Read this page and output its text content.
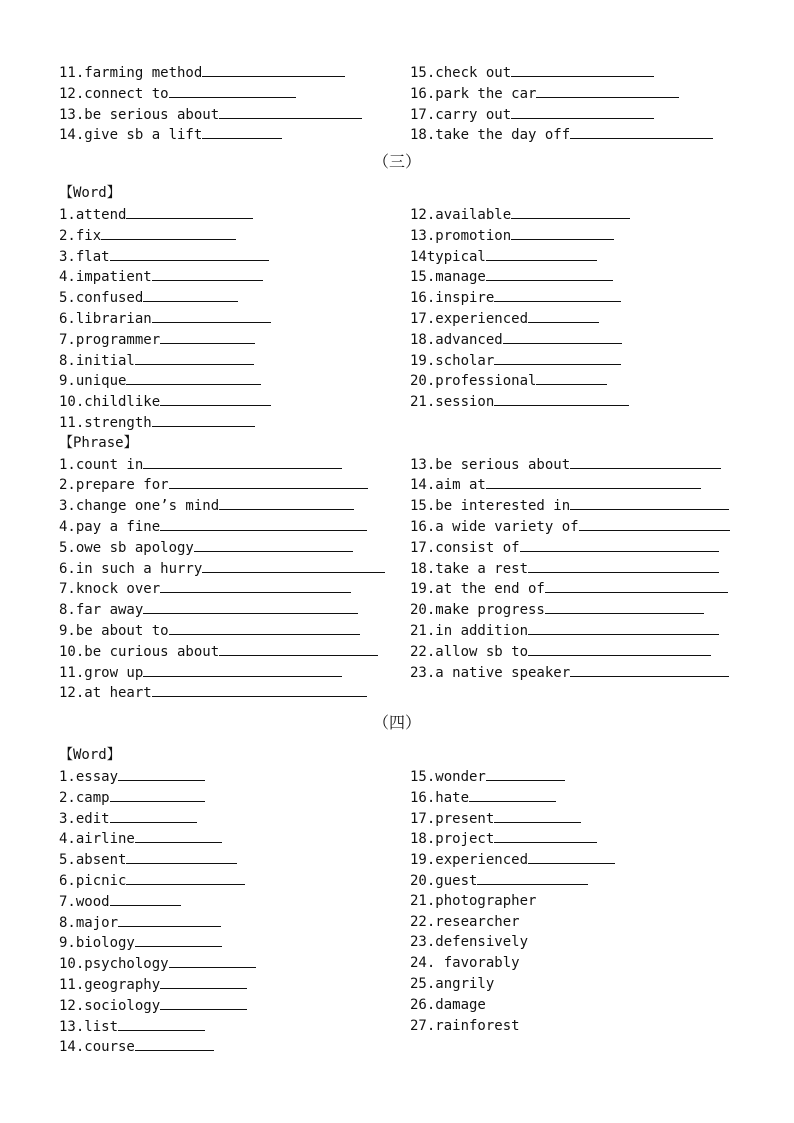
11.farming method
12.connect to
13.be serious about
14.give sb a lift
15.check out
16.park the car
17.carry out
18.take the day off
（三）
【Word】
1.attend
2.fix
3.flat
4.impatient
5.confused
6.librarian
7.programmer
8.initial
9.unique
10.childlike
11.strength
12.available
13.promotion
14typical
15.manage
16.inspire
17.experienced
18.advanced
19.scholar
20.professional
21.session
【Phrase】
1.count in
2.prepare for
3.change one’s mind
4.pay a fine
5.owe sb apology
6.in such a hurry
7.knock over
8.far away
9.be about to
10.be curious about
11.grow up
12.at heart
13.be serious about
14.aim at
15.be interested in
16.a wide variety of
17.consist of
18.take a rest
19.at the end of
20.make progress
21.in addition
22.allow sb to
23.a native speaker
（四）
【Word】
1.essay
2.camp
3.edit
4.airline
5.absent
6.picnic
7.wood
8.major
9.biology
10.psychology
11.geography
12.sociology
13.list
14.course
15.wonder
16.hate
17.present
18.project
19.experienced
20.guest
21.photographer
22.researcher
23.defensively
24. favorably
25.angrily
26.damage
27.rainforest
